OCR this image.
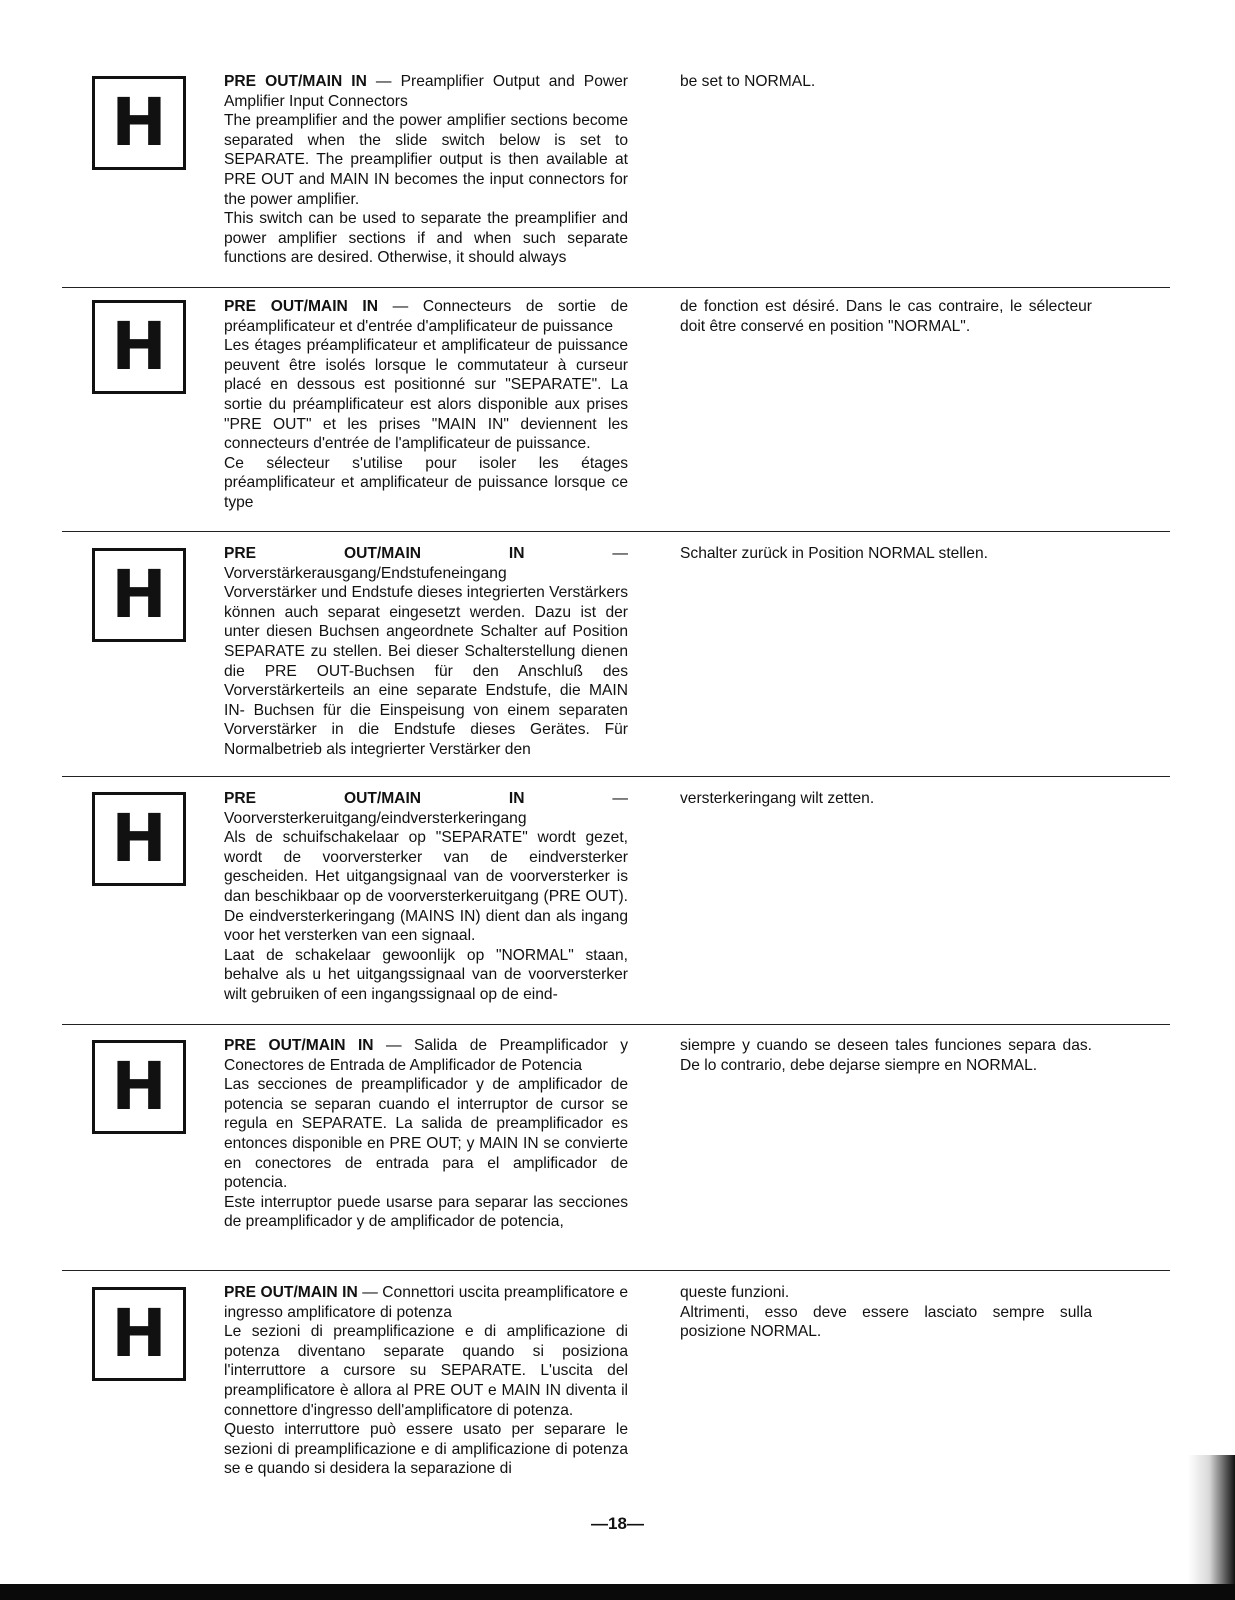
H

PRE OUT/MAIN IN — Preamplifier Output and Power Amplifier Input Connectors

The preamplifier and the power amplifier sections become separated when the slide switch below is set to SEPARATE. The preamplifier output is then available at PRE OUT and MAIN IN becomes the input connectors for the power amplifier.

This switch can be used to separate the preamplifier and power amplifier sections if and when such separate functions are desired. Otherwise, it should always

be set to NORMAL.

H

PRE OUT/MAIN IN — Connecteurs de sortie de préamplificateur et d'entrée d'amplificateur de puissance

Les étages préamplificateur et amplificateur de puissance peuvent être isolés lorsque le commutateur à curseur placé en dessous est positionné sur "SEPARATE". La sortie du préamplificateur est alors disponible aux prises "PRE OUT" et les prises "MAIN IN" deviennent les connecteurs d'entrée de l'amplificateur de puissance.

Ce sélecteur s'utilise pour isoler les étages préamplificateur et amplificateur de puissance lorsque ce type

de fonction est désiré. Dans le cas contraire, le sélecteur doit être conservé en position "NORMAL".

H

PRE OUT/MAIN IN — Vorverstärkerausgang/Endstufeneingang

Vorverstärker und Endstufe dieses integrierten Verstärkers können auch separat eingesetzt werden. Dazu ist der unter diesen Buchsen angeordnete Schalter auf Position SEPARATE zu stellen. Bei dieser Schalterstellung dienen die PRE OUT-Buchsen für den Anschluß des Vorverstärkerteils an eine separate Endstufe, die MAIN IN- Buchsen für die Einspeisung von einem separaten Vorverstärker in die Endstufe dieses Gerätes. Für Normalbetrieb als integrierter Verstärker den

Schalter zurück in Position NORMAL stellen.

H

PRE OUT/MAIN IN — Voorversterkeruitgang/eindversterkeringang

Als de schuifschakelaar op "SEPARATE" wordt gezet, wordt de voorversterker van de eindversterker gescheiden. Het uitgangsignaal van de voorversterker is dan beschikbaar op de voorversterkeruitgang (PRE OUT). De eindversterkeringang (MAINS IN) dient dan als ingang voor het versterken van een signaal.

Laat de schakelaar gewoonlijk op "NORMAL" staan, behalve als u het uitgangssignaal van de voorversterker wilt gebruiken of een ingangssignaal op de eind-

versterkeringang wilt zetten.

H

PRE OUT/MAIN IN — Salida de Preamplificador y Conectores de Entrada de Amplificador de Potencia

Las secciones de preamplificador y de amplificador de potencia se separan cuando el interruptor de cursor se regula en SEPARATE. La salida de preamplificador es entonces disponible en PRE OUT; y MAIN IN se convierte en conectores de entrada para el amplificador de potencia.

Este interruptor puede usarse para separar las secciones de preamplificador y de amplificador de potencia,

siempre y cuando se deseen tales funciones separa das. De lo contrario, debe dejarse siempre en NORMAL.

H

PRE OUT/MAIN IN — Connettori uscita preamplificatore e ingresso amplificatore di potenza

Le sezioni di preamplificazione e di amplificazione di potenza diventano separate quando si posiziona l'interruttore a cursore su SEPARATE. L'uscita del preamplificatore è allora al PRE OUT e MAIN IN diventa il connettore d'ingresso dell'amplificatore di potenza.

Questo interruttore può essere usato per separare le sezioni di preamplificazione e di amplificazione di potenza se e quando si desidera la separazione di

queste funzioni.

Altrimenti, esso deve essere lasciato sempre sulla posizione NORMAL.

—18—
